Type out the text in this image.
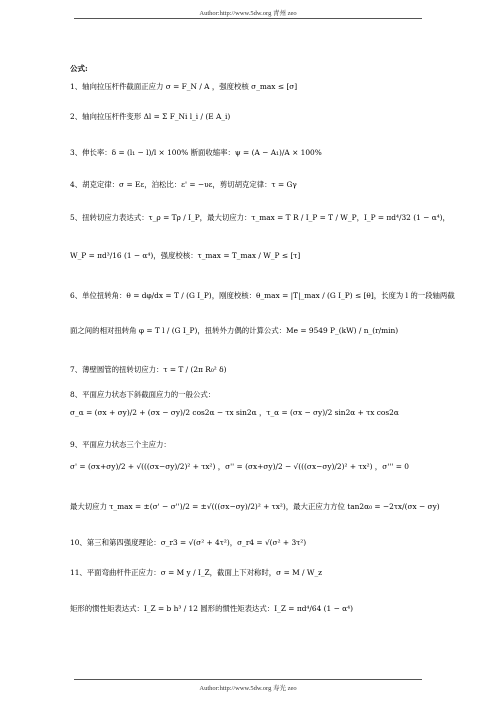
Author:http://www.5dw.org 青州 zeo
公式:
1、轴向拉压杆件截面正应力 σ = F_N / A ，强度校核 σ_max ≤ [σ]
2、轴向拉压杆件变形 Δl = Σ F_Ni l_i / (E A_i)
3、伸长率：δ = (l₁ − l)/l × 100% 断面收缩率：ψ = (A − A₁)/A × 100%
4、胡克定律：σ = Eε，泊松比：ε' = −υε，剪切胡克定律：τ = Gγ
5、扭转切应力表达式：τ_ρ = Tρ / I_P，最大切应力：τ_max = T R / I_P = T / W_P，I_P = πd⁴/32 (1 − α⁴)，
W_P = πd³/16 (1 − α⁴)，强度校核：τ_max = T_max / W_P ≤ [τ]
6、单位扭转角：θ = dφ/dx = T / (G I_P)，刚度校核：θ_max = |T|_max / (G I_P) ≤ [θ]，长度为 l 的一段轴两截
面之间的相对扭转角 φ = T l / (G I_P)，扭转外力偶的计算公式：Me = 9549 P_(kW) / n_(r/min)
7、薄壁圆管的扭转切应力：τ = T / (2π R₀² δ)
8、平面应力状态下斜截面应力的一般公式：
σ_α = (σx + σy)/2 + (σx − σy)/2 cos2α − τx sin2α ，τ_α = (σx − σy)/2 sin2α + τx cos2α
9、平面应力状态三个主应力：
σ' = (σx+σy)/2 + √(((σx−σy)/2)² + τx²) ，σ'' = (σx+σy)/2 − √(((σx−σy)/2)² + τx²) ，σ''' = 0
最大切应力 τ_max = ±(σ' − σ'')/2 = ±√(((σx−σy)/2)² + τx²)，最大正应力方位 tan2α₀ = −2τx/(σx − σy)
10、第三和第四强度理论：σ_r3 = √(σ² + 4τ²)，σ_r4 = √(σ² + 3τ²)
11、平面弯曲杆件正应力：σ = M y / I_Z，截面上下对称时，σ = M / W_z
矩形的惯性矩表达式：I_Z = b h³ / 12 圆形的惯性矩表达式：I_Z = πd⁴/64 (1 − α⁴)
Author:http://www.5dw.org 寿光 zeo
